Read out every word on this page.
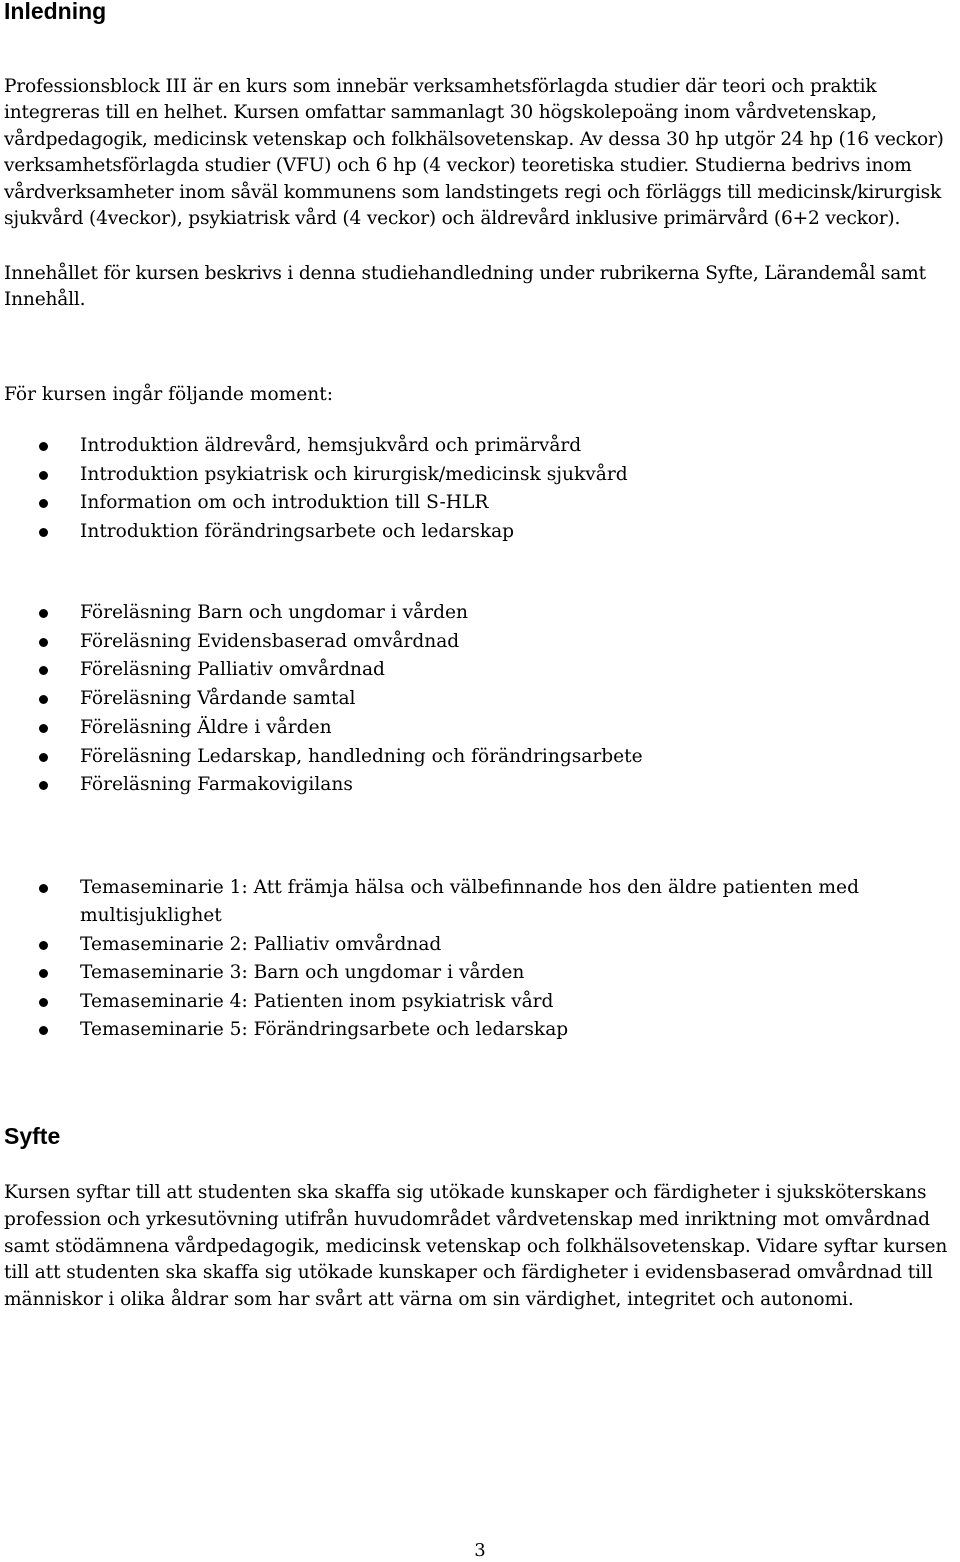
Inledning

Professionsblock III är en kurs som innebär verksamhetsförlagda studier där teori och praktik integreras till en helhet. Kursen omfattar sammanlagt 30 högskolepoäng inom vårdvetenskap, vårdpedagogik, medicinsk vetenskap och folkhälsovetenskap. Av dessa 30 hp utgör 24 hp (16 veckor) verksamhetsförlagda studier (VFU) och 6 hp (4 veckor) teoretiska studier. Studierna bedrivs inom vårdverksamheter inom såväl kommunens som landstingets regi och förläggs till medicinsk/kirurgisk sjukvård (4veckor), psykiatrisk vård (4 veckor) och äldrevård inklusive primärvård (6+2 veckor).

Innehållet för kursen beskrivs i denna studiehandledning under rubrikerna Syfte, Lärandemål samt Innehåll.

För kursen ingår följande moment:

Introduktion äldrevård, hemsjukvård och primärvård
Introduktion psykiatrisk och kirurgisk/medicinsk sjukvård
Information om och introduktion till S-HLR
Introduktion förändringsarbete och ledarskap
Föreläsning Barn och ungdomar i vården
Föreläsning Evidensbaserad omvårdnad
Föreläsning Palliativ omvårdnad
Föreläsning Vårdande samtal
Föreläsning Äldre i vården
Föreläsning Ledarskap, handledning och förändringsarbete
Föreläsning Farmakovigilans
Temaseminarie 1: Att främja hälsa och välbefinnande hos den äldre patienten med multisjuklighet
Temaseminarie 2: Palliativ omvårdnad
Temaseminarie 3: Barn och ungdomar i vården
Temaseminarie 4: Patienten inom psykiatrisk vård
Temaseminarie 5: Förändringsarbete och ledarskap
Syfte

Kursen syftar till att studenten ska skaffa sig utökade kunskaper och färdigheter i sjuksköterskans profession och yrkesutövning utifrån huvudområdet vårdvetenskap med inriktning mot omvårdnad samt stödämnena vårdpedagogik, medicinsk vetenskap och folkhälsovetenskap. Vidare syftar kursen till att studenten ska skaffa sig utökade kunskaper och färdigheter i evidensbaserad omvårdnad till människor i olika åldrar som har svårt att värna om sin värdighet, integritet och autonomi.

3
